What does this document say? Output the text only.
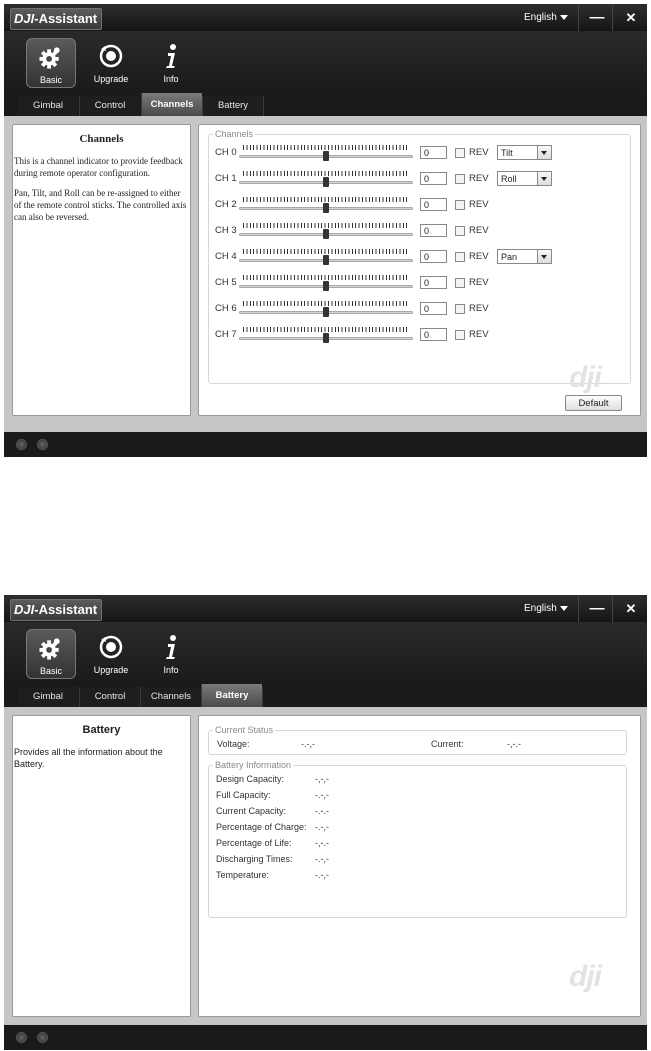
DJI-Assistant	English	—	✕
Basic	Upgrade	Info
Gimbal	Control	Channels	Battery
Channels
This is a channel indicator to provide feedback during remote operator configuration.
Pan, Tilt, and Roll can be re-assigned to either of the remote control sticks. The controlled axis can also be reversed.
Channels
CH 0	0	REV Tilt
CH 1	0	REV Roll
CH 2	0	REV
CH 3	0	REV
CH 4	0	REV Pan
CH 5	0	REV
CH 6	0	REV
CH 7	0	REV
Default
dji
DJI-Assistant	English	—	✕
Basic	Upgrade	Info
Gimbal	Control	Channels	Battery
Battery
Provides all the information about the Battery.
Current Status
Voltage:	-.-,-	Current:	-,-.-
Battery Information
Design Capacity:	-,-,-
Full Capacity:	-.-,-
Current Capacity:	-.-.-
Percentage of Charge: -.-,-
Percentage of Life:	-,-.-
Discharging Times: -.-,-
Temperature:	-.-,-
dji
